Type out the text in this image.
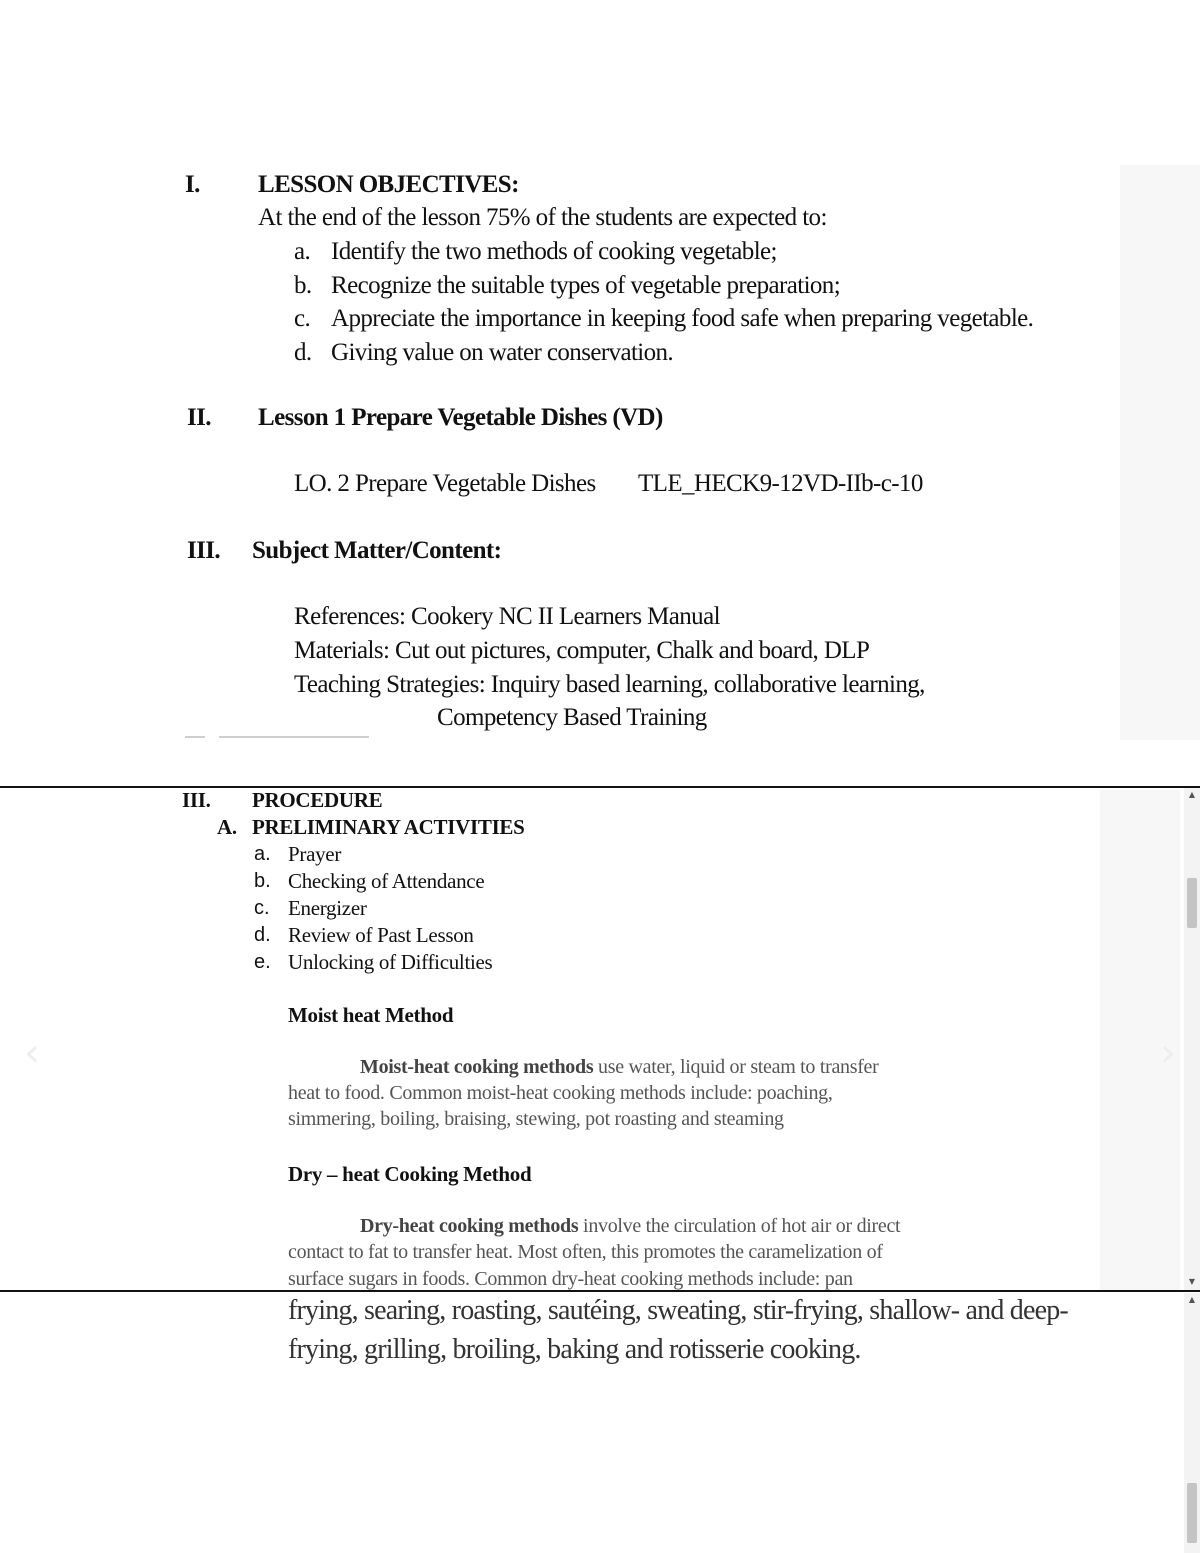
I. LESSON OBJECTIVES:
At the end of the lesson 75% of the students are expected to:
a. Identify the two methods of cooking vegetable;
b. Recognize the suitable types of vegetable preparation;
c. Appreciate the importance in keeping food safe when preparing vegetable.
d. Giving value on water conservation.
II. Lesson 1 Prepare Vegetable Dishes (VD)
LO. 2 Prepare Vegetable Dishes TLE_HECK9-12VD-IIb-c-10
III. Subject Matter/Content:
References: Cookery NC II Learners Manual
Materials: Cut out pictures, computer, Chalk and board, DLP
Teaching Strategies: Inquiry based learning, collaborative learning,
Competency Based Training
III. PROCEDURE
A. PRELIMINARY ACTIVITIES
a. Prayer
b. Checking of Attendance
c. Energizer
d. Review of Past Lesson
e. Unlocking of Difficulties
Moist heat Method
Moist-heat cooking methods use water, liquid or steam to transfer
heat to food. Common moist-heat cooking methods include: poaching,
simmering, boiling, braising, stewing, pot roasting and steaming
Dry – heat Cooking Method
Dry-heat cooking methods involve the circulation of hot air or direct
contact to fat to transfer heat. Most often, this promotes the caramelization of
surface sugars in foods. Common dry-heat cooking methods include: pan
‹	›
▲
▼
frying, searing, roasting, sautéing, sweating, stir-frying, shallow- and deep-
frying, grilling, broiling, baking and rotisserie cooking.
▲
